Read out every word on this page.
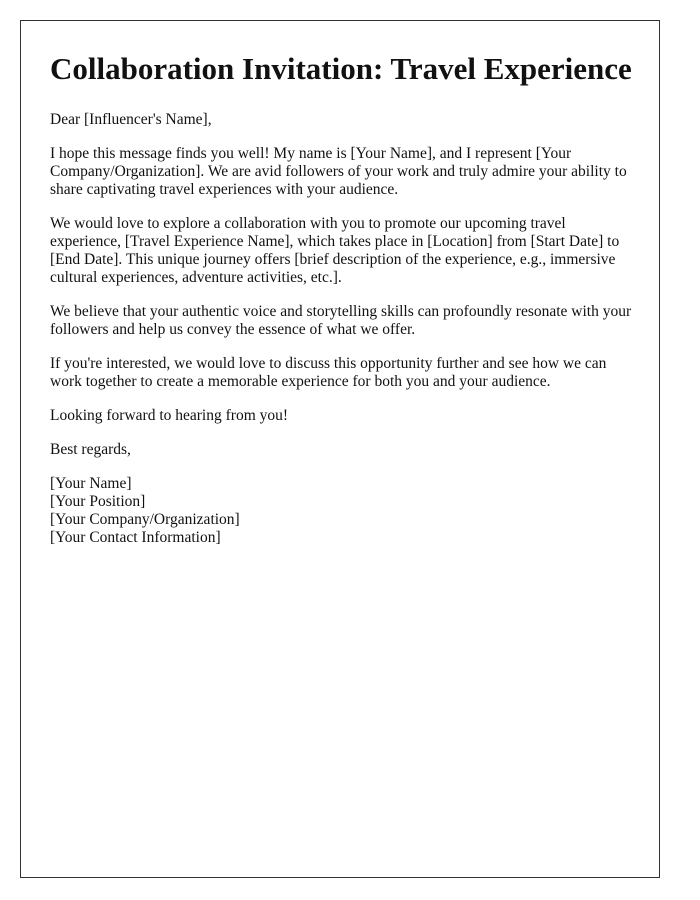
Collaboration Invitation: Travel Experience

Dear [Influencer's Name],

I hope this message finds you well! My name is [Your Name], and I represent [Your Company/Organization]. We are avid followers of your work and truly admire your ability to share captivating travel experiences with your audience.

We would love to explore a collaboration with you to promote our upcoming travel experience, [Travel Experience Name], which takes place in [Location] from [Start Date] to [End Date]. This unique journey offers [brief description of the experience, e.g., immersive cultural experiences, adventure activities, etc.].

We believe that your authentic voice and storytelling skills can profoundly resonate with your followers and help us convey the essence of what we offer.

If you're interested, we would love to discuss this opportunity further and see how we can work together to create a memorable experience for both you and your audience.

Looking forward to hearing from you!

Best regards,

[Your Name]
[Your Position]
[Your Company/Organization]
[Your Contact Information]
